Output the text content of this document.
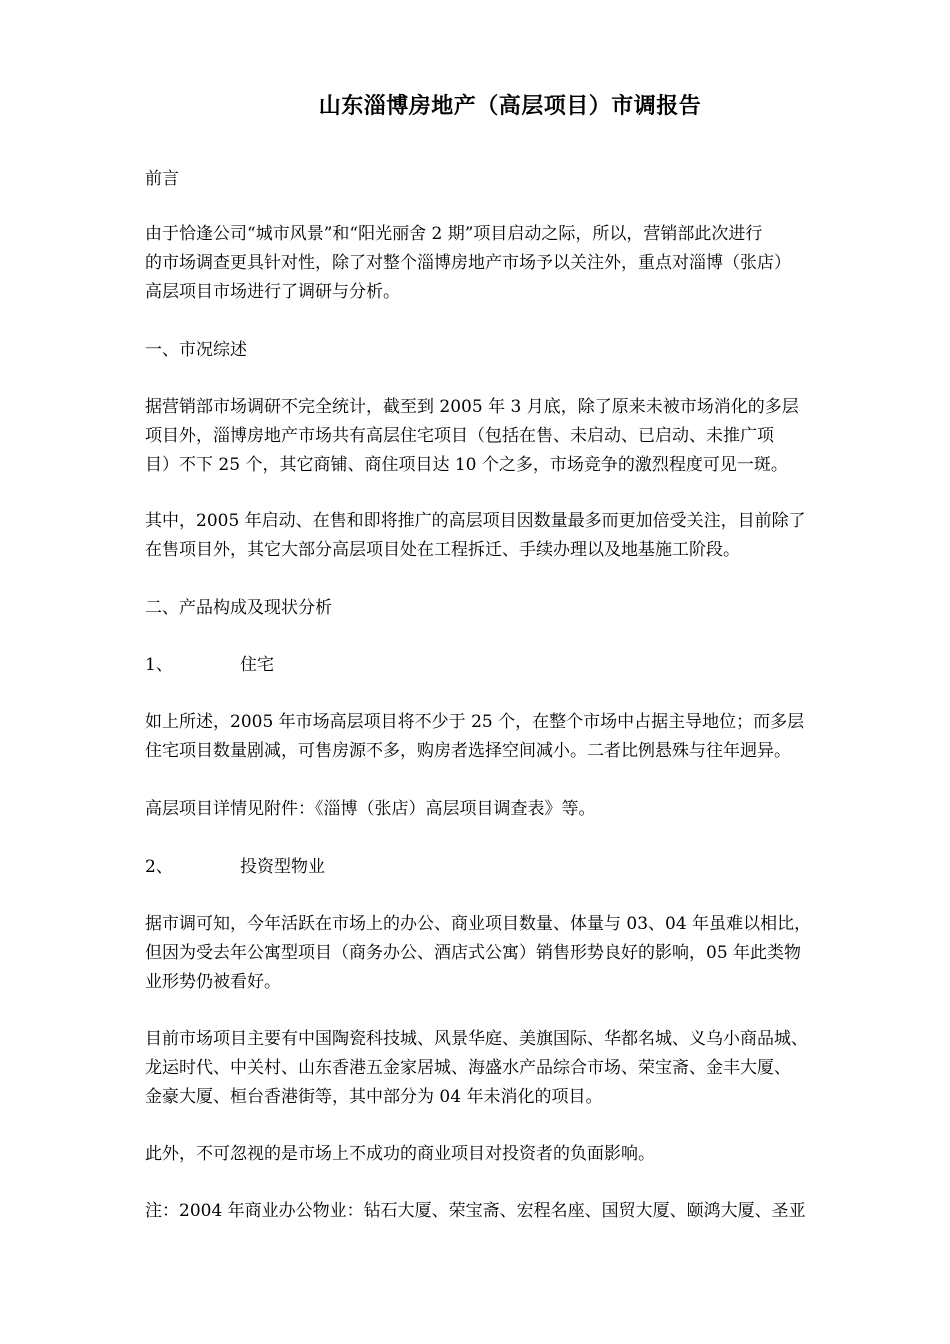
山东淄博房地产（高层项目）市调报告

前言

由于恰逢公司“城市风景”和“阳光丽舍 2 期”项目启动之际，所以，营销部此次进行
的市场调查更具针对性，除了对整个淄博房地产市场予以关注外，重点对淄博（张店）
高层项目市场进行了调研与分析。

一、市况综述

据营销部市场调研不完全统计，截至到 2005 年 3 月底，除了原来未被市场消化的多层
项目外，淄博房地产市场共有高层住宅项目（包括在售、未启动、已启动、未推广项
目）不下 25 个，其它商铺、商住项目达 10 个之多，市场竞争的激烈程度可见一斑。

其中，2005 年启动、在售和即将推广的高层项目因数量最多而更加倍受关注，目前除了
在售项目外，其它大部分高层项目处在工程拆迁、手续办理以及地基施工阶段。

二、产品构成及现状分析

1、	住宅

如上所述，2005 年市场高层项目将不少于 25 个，在整个市场中占据主导地位；而多层
住宅项目数量剧减，可售房源不多，购房者选择空间减小。二者比例悬殊与往年迥异。

高层项目详情见附件：《淄博（张店）高层项目调查表》等。

2、	投资型物业

据市调可知，今年活跃在市场上的办公、商业项目数量、体量与 03、04 年虽难以相比，
但因为受去年公寓型项目（商务办公、酒店式公寓）销售形势良好的影响，05 年此类物
业形势仍被看好。

目前市场项目主要有中国陶瓷科技城、风景华庭、美旗国际、华都名城、义乌小商品城、
龙运时代、中关村、山东香港五金家居城、海盛水产品综合市场、荣宝斋、金丰大厦、
金豪大厦、桓台香港街等，其中部分为 04 年未消化的项目。

此外，不可忽视的是市场上不成功的商业项目对投资者的负面影响。

注：2004 年商业办公物业：钻石大厦、荣宝斋、宏程名座、国贸大厦、颐鸿大厦、圣亚
